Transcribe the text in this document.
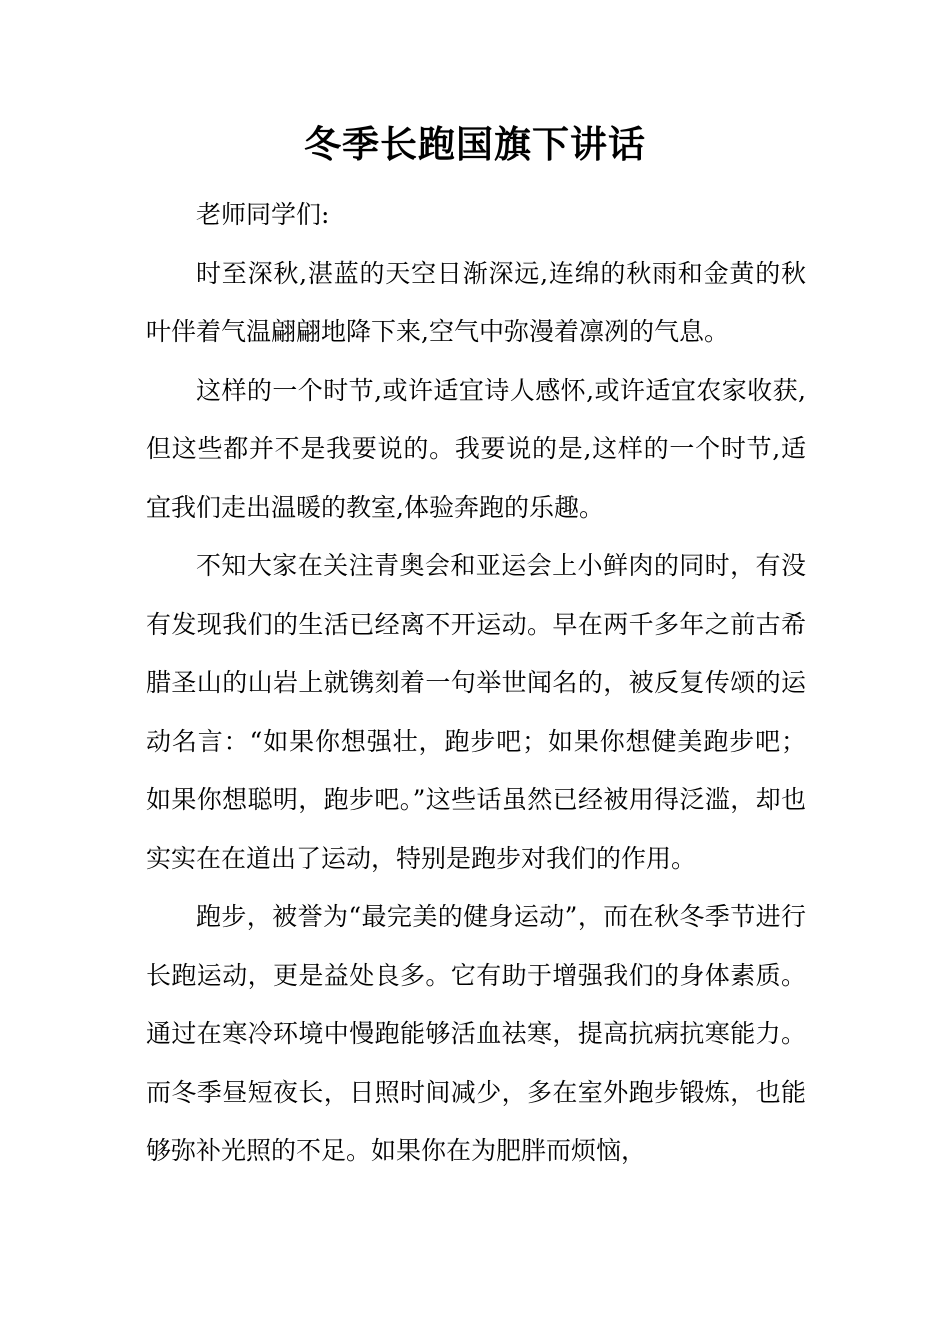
冬季长跑国旗下讲话

老师同学们:

时至深秋,湛蓝的天空日渐深远,连绵的秋雨和金黄的秋叶伴着气温翩翩地降下来,空气中弥漫着凛冽的气息。

这样的一个时节,或许适宜诗人感怀,或许适宜农家收获,但这些都并不是我要说的。我要说的是,这样的一个时节,适宜我们走出温暖的教室,体验奔跑的乐趣。

不知大家在关注青奥会和亚运会上小鲜肉的同时，有没有发现我们的生活已经离不开运动。早在两千多年之前古希腊圣山的山岩上就镌刻着一句举世闻名的，被反复传颂的运动名言：“如果你想强壮，跑步吧；如果你想健美跑步吧；如果你想聪明，跑步吧。”这些话虽然已经被用得泛滥，却也实实在在道出了运动，特别是跑步对我们的作用。

跑步，被誉为“最完美的健身运动”，而在秋冬季节进行长跑运动，更是益处良多。它有助于增强我们的身体素质。通过在寒冷环境中慢跑能够活血祛寒，提高抗病抗寒能力。而冬季昼短夜长，日照时间减少，多在室外跑步锻炼，也能够弥补光照的不足。如果你在为肥胖而烦恼，
